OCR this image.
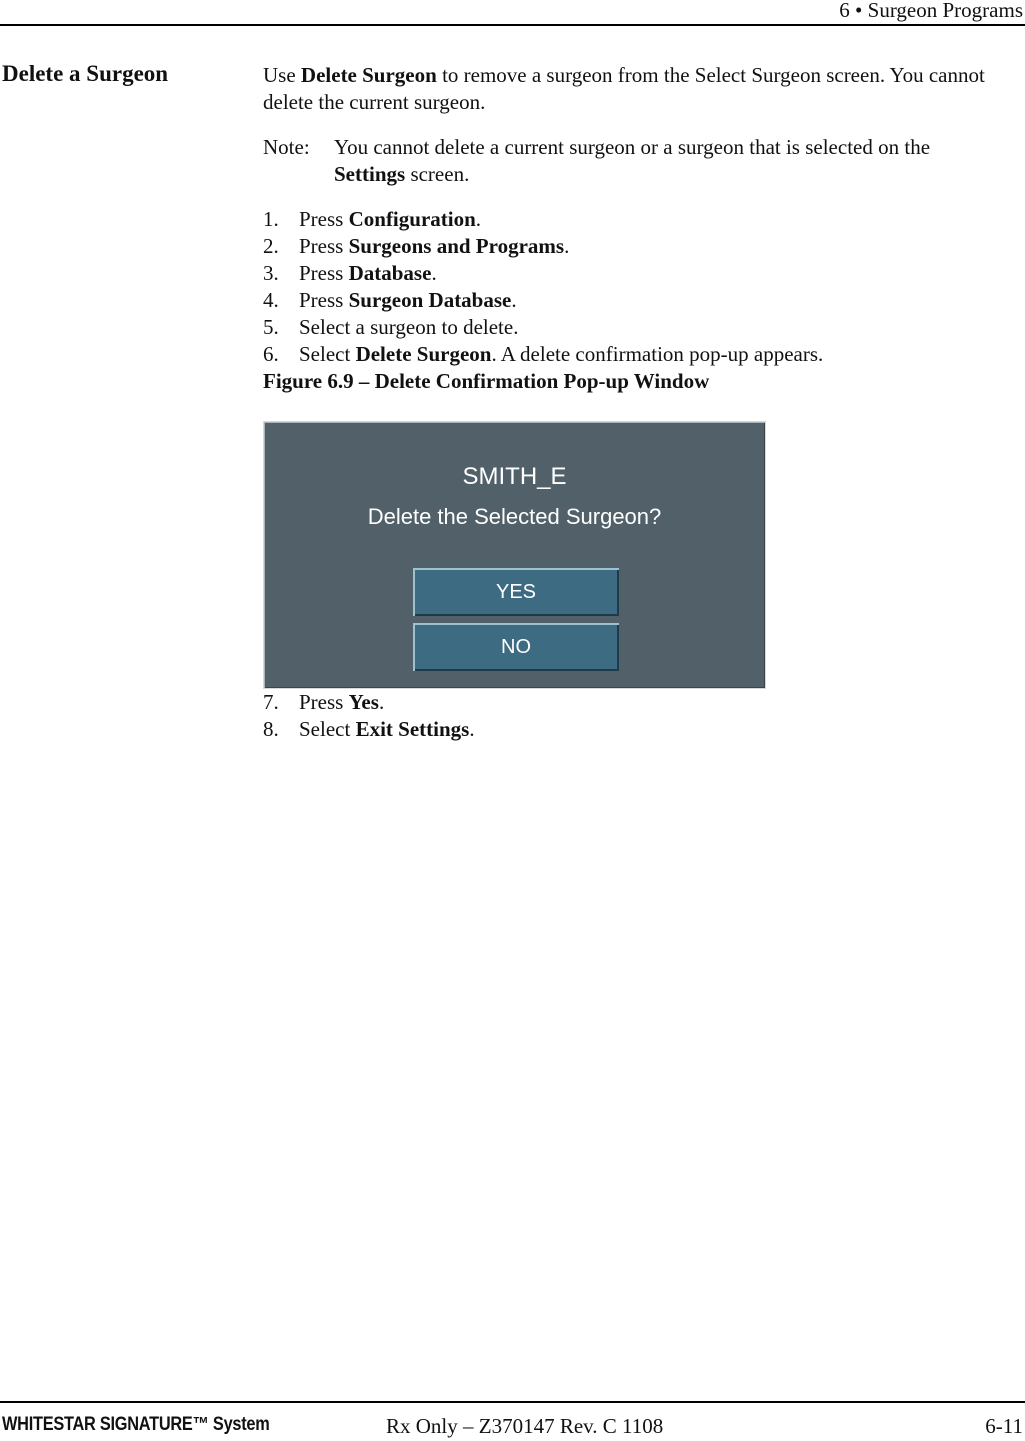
6 • Surgeon Programs
Delete a Surgeon	Use Delete Surgeon to remove a surgeon from the Select Surgeon screen. You cannot delete the current surgeon.

Note:	You cannot delete a current surgeon or a surgeon that is selected on the Settings screen.
1. Press Configuration.
2. Press Surgeons and Programs.
3. Press Database.
4. Press Surgeon Database.
5. Select a surgeon to delete.
6. Select Delete Surgeon. A delete confirmation pop-up appears.

Figure 6.9 – Delete Confirmation Pop-up Window

SMITH_E
Delete the Selected Surgeon?
YES
NO
7. Press Yes.
8. Select Exit Settings.
WHITESTAR SIGNATURE™ System	Rx Only – Z370147 Rev. C 1108	6-11
